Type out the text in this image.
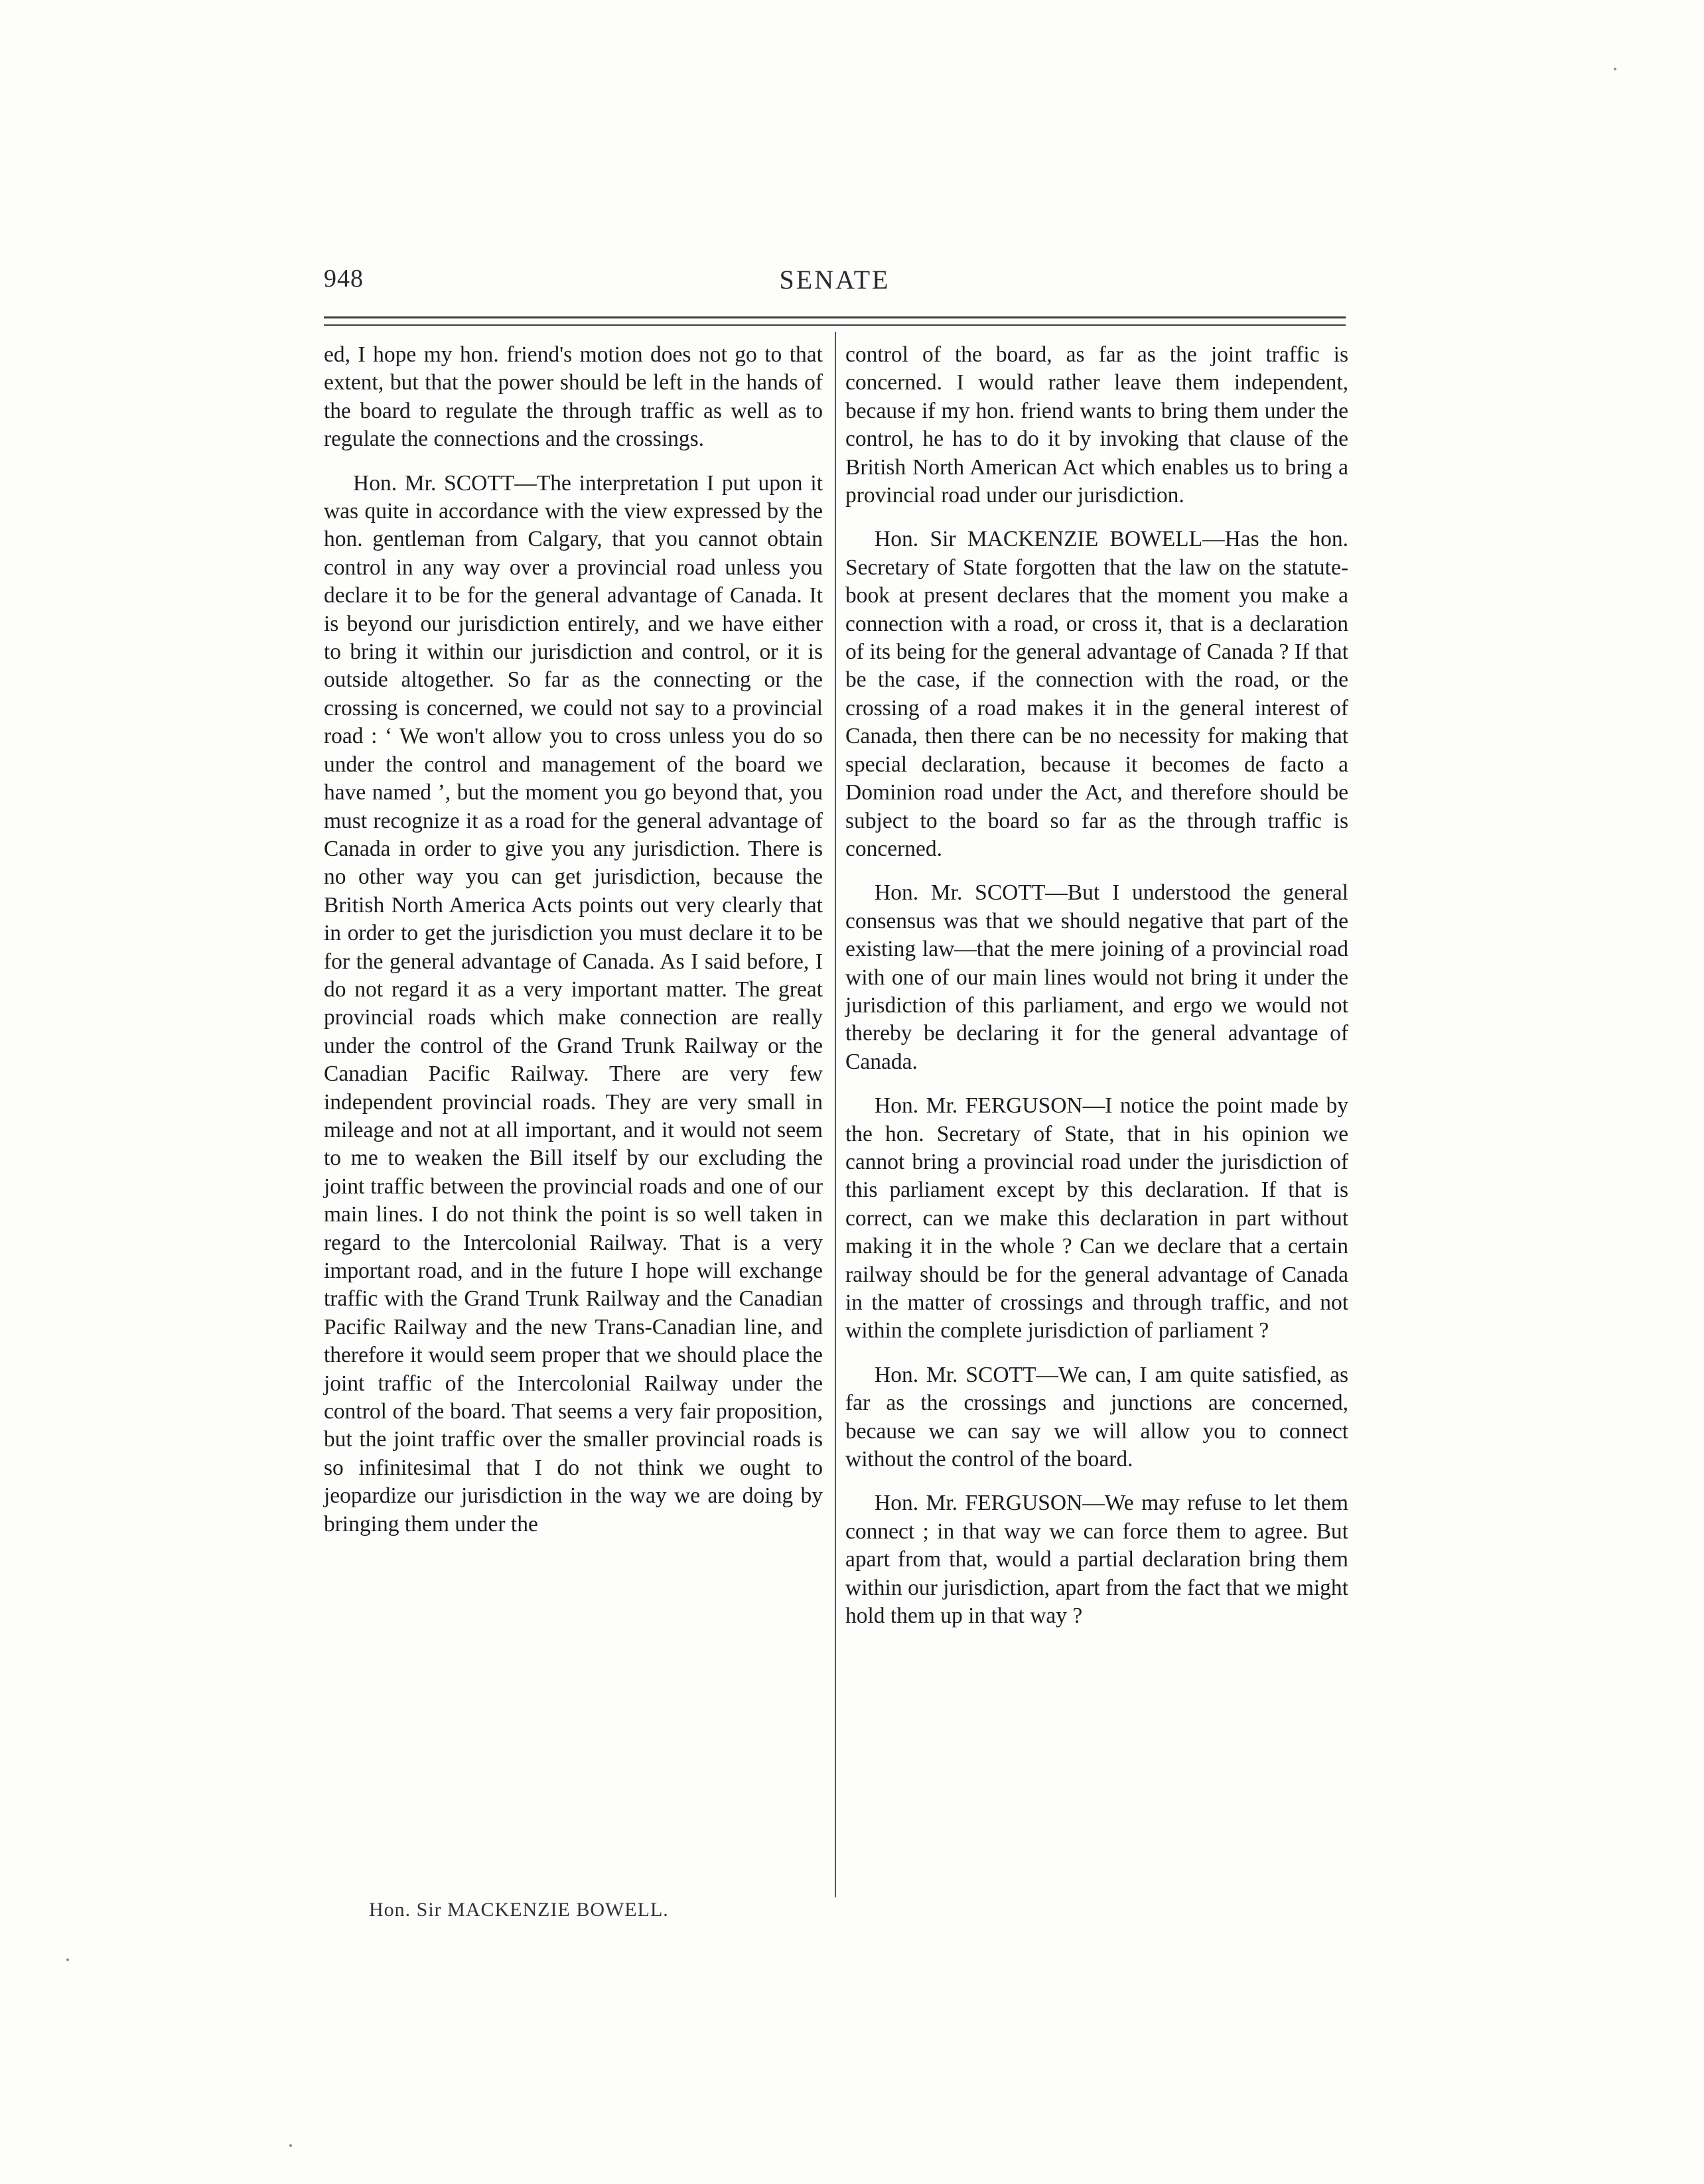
948	SENATE

ed, I hope my hon. friend's motion does not go to that extent, but that the power should be left in the hands of the board to regulate the through traffic as well as to regulate the connections and the crossings.

Hon. Mr. SCOTT—The interpretation I put upon it was quite in accordance with the view expressed by the hon. gentleman from Calgary, that you cannot obtain control in any way over a provincial road unless you declare it to be for the general advantage of Canada. It is beyond our jurisdiction entirely, and we have either to bring it within our jurisdiction and control, or it is outside altogether. So far as the connecting or the crossing is concerned, we could not say to a provincial road : ‘ We won't allow you to cross unless you do so under the control and management of the board we have named ’, but the moment you go beyond that, you must recognize it as a road for the general advantage of Canada in order to give you any jurisdiction. There is no other way you can get jurisdiction, because the British North America Acts points out very clearly that in order to get the jurisdiction you must declare it to be for the general advantage of Canada. As I said before, I do not regard it as a very important matter. The great provincial roads which make connection are really under the control of the Grand Trunk Railway or the Canadian Pacific Railway. There are very few independent provincial roads. They are very small in mileage and not at all important, and it would not seem to me to weaken the Bill itself by our excluding the joint traffic between the provincial roads and one of our main lines. I do not think the point is so well taken in regard to the Intercolonial Railway. That is a very important road, and in the future I hope will exchange traffic with the Grand Trunk Railway and the Canadian Pacific Railway and the new Trans-Canadian line, and therefore it would seem proper that we should place the joint traffic of the Intercolonial Railway under the control of the board. That seems a very fair proposition, but the joint traffic over the smaller provincial roads is so infinitesimal that I do not think we ought to jeopardize our jurisdiction in the way we are doing by bringing them under the

control of the board, as far as the joint traffic is concerned. I would rather leave them independent, because if my hon. friend wants to bring them under the control, he has to do it by invoking that clause of the British North American Act which enables us to bring a provincial road under our jurisdiction.

Hon. Sir MACKENZIE BOWELL—Has the hon. Secretary of State forgotten that the law on the statute-book at present declares that the moment you make a connection with a road, or cross it, that is a declaration of its being for the general advantage of Canada ? If that be the case, if the connection with the road, or the crossing of a road makes it in the general interest of Canada, then there can be no necessity for making that special declaration, because it becomes de facto a Dominion road under the Act, and therefore should be subject to the board so far as the through traffic is concerned.

Hon. Mr. SCOTT—But I understood the general consensus was that we should negative that part of the existing law—that the mere joining of a provincial road with one of our main lines would not bring it under the jurisdiction of this parliament, and ergo we would not thereby be declaring it for the general advantage of Canada.

Hon. Mr. FERGUSON—I notice the point made by the hon. Secretary of State, that in his opinion we cannot bring a provincial road under the jurisdiction of this parliament except by this declaration. If that is correct, can we make this declaration in part without making it in the whole ? Can we declare that a certain railway should be for the general advantage of Canada in the matter of crossings and through traffic, and not within the complete jurisdiction of parliament ?

Hon. Mr. SCOTT—We can, I am quite satisfied, as far as the crossings and junctions are concerned, because we can say we will allow you to connect without the control of the board.

Hon. Mr. FERGUSON—We may refuse to let them connect ; in that way we can force them to agree. But apart from that, would a partial declaration bring them within our jurisdiction, apart from the fact that we might hold them up in that way ?

Hon. Sir MACKENZIE BOWELL.
